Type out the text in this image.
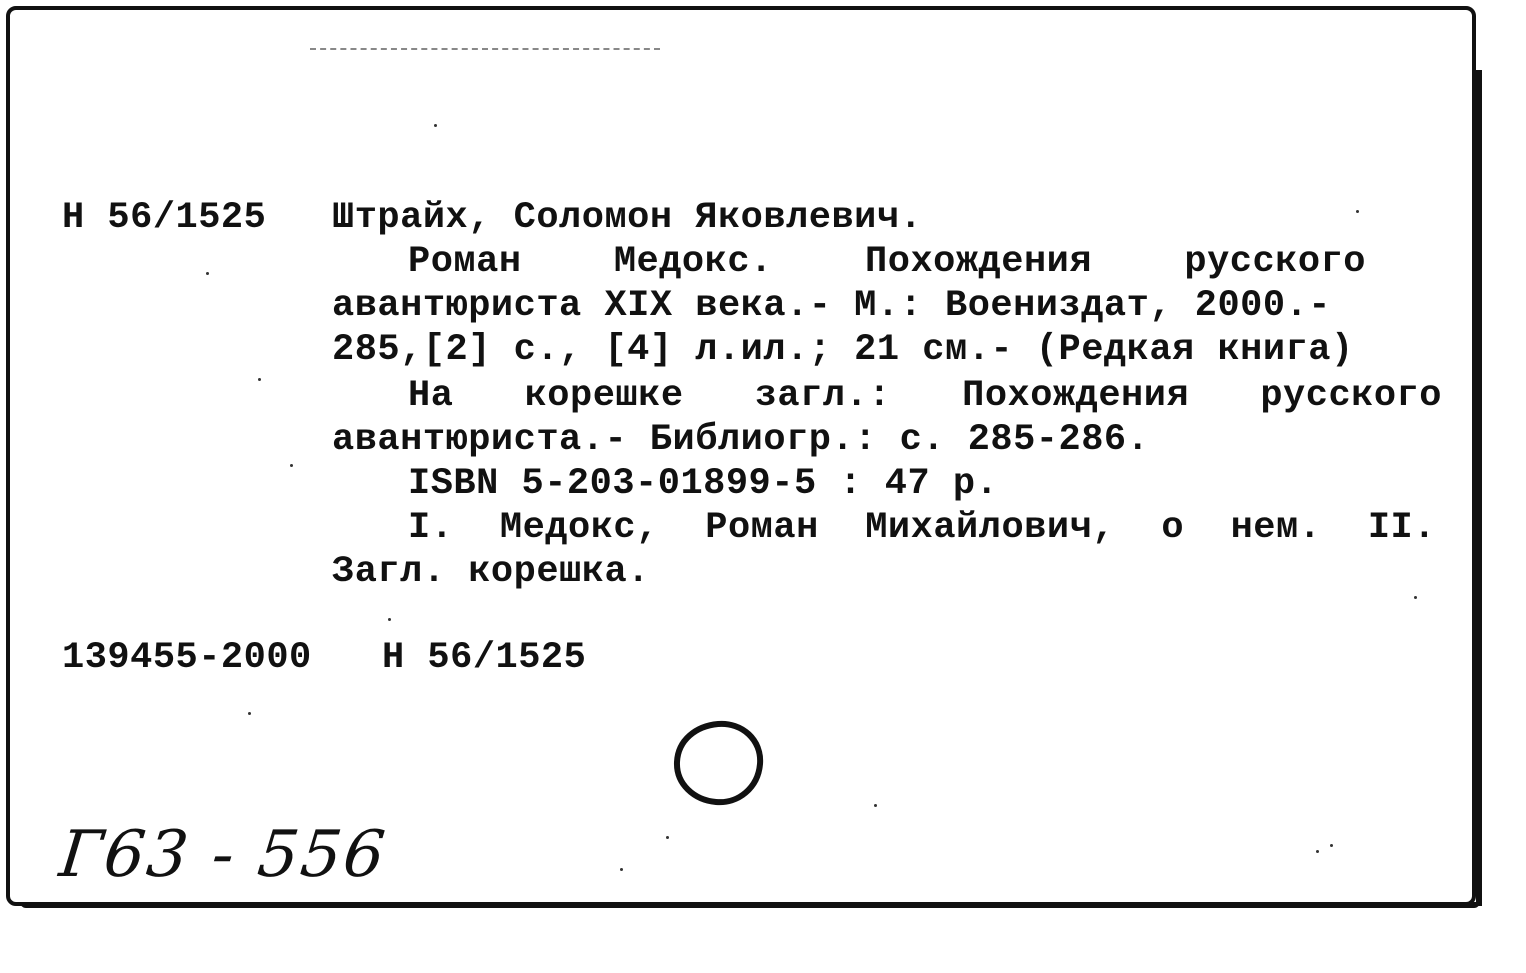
Н 56/1525 Штрайх, Соломон Яковлевич.
Роман Медокс. Похождения русского
авантюриста XIX века.- М.: Воениздат, 2000.-
285,[2] с., [4] л.ил.; 21 см.- (Редкая книга)
На корешке загл.: Похождения русского
авантюриста.- Библиогр.: с. 285-286.
ISBN 5-203-01899-5 : 47 р.
I. Медокс, Роман Михайлович, о нем. II.
Загл. корешка.
139455-2000 Н 56/1525
Г63 - 556
